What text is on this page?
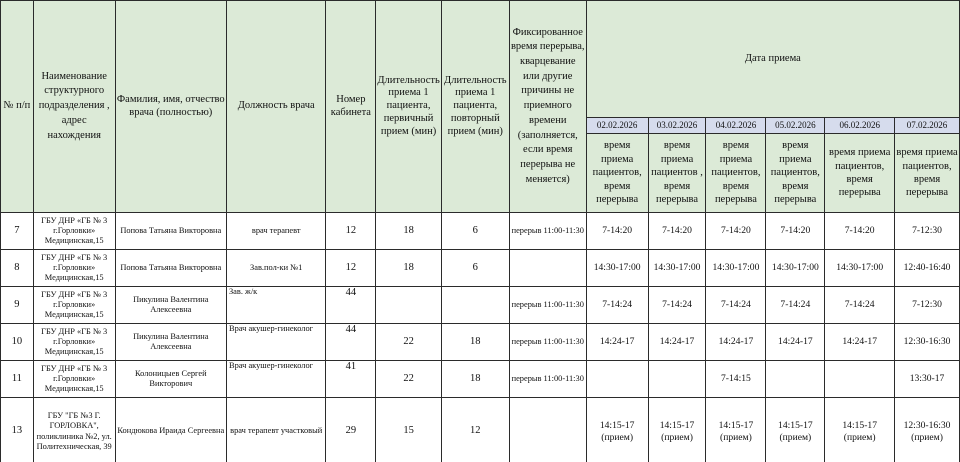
№ п/п	Наименование структурного подразделения , адрес нахождения	Фамилия, имя, отчество врача (полностью)	Должность врача	Номер кабинета	Длительность приема 1 пациента, первичный прием (мин)	Длительность приема 1 пациента, повторный прием (мин)	Фиксированное время перерыва, кварцевание или другие причины не приемного времени (заполняется, если время перерыва не меняется)	Дата приема					
								02.02.2026	03.02.2026	04.02.2026	05.02.2026	06.02.2026	07.02.2026
								время приема пациентов, время перерыва	время приема пациентов , время перерыва	время приема пациентов, время перерыва	время приема пациентов, время перерыва	время приема пациентов, время перерыва	время приема пациентов, время перерыва
7	ГБУ ДНР «ГБ № 3 г.Горловки» Медицинская,15	Попова Татьяна Викторовна	врач терапевт	12	18	6	перерыв 11:00-11:30	7-14:20	7-14:20	7-14:20	7-14:20	7-14:20	7-12:30
8	ГБУ ДНР «ГБ № 3 г.Горловки» Медицинская,15	Попова Татьяна Викторовна	Зав.пол-ки №1	12	18	6		14:30-17:00	14:30-17:00	14:30-17:00	14:30-17:00	14:30-17:00	12:40-16:40
9	ГБУ ДНР «ГБ № 3 г.Горловки» Медицинская,15	Пикулина Валентина Алексеевна	Зав. ж/к	44			перерыв 11:00-11:30	7-14:24	7-14:24	7-14:24	7-14:24	7-14:24	7-12:30
10	ГБУ ДНР «ГБ № 3 г.Горловки» Медицинская,15	Пикулина Валентина Алексеевна	Врач акушер-гинеколог	44	22	18	перерыв 11:00-11:30	14:24-17	14:24-17	14:24-17	14:24-17	14:24-17	12:30-16:30
11	ГБУ ДНР «ГБ № 3 г.Горловки» Медицинская,15	Колоницыев Сергей Викторович	Врач акушер-гинеколог	41	22	18	перерыв 11:00-11:30			7-14:15			13:30-17
13	ГБУ "ГБ №3 Г. ГОРЛОВКА", поликлиника №2, ул. Политехническая, 39	Кондюкова Ираида Сергеевна	врач терапевт участковый	29	15	12		14:15-17 (прием)	14:15-17 (прием)	14:15-17 (прием)	14:15-17 (прием)	14:15-17 (прием)	12:30-16:30 (прием)
